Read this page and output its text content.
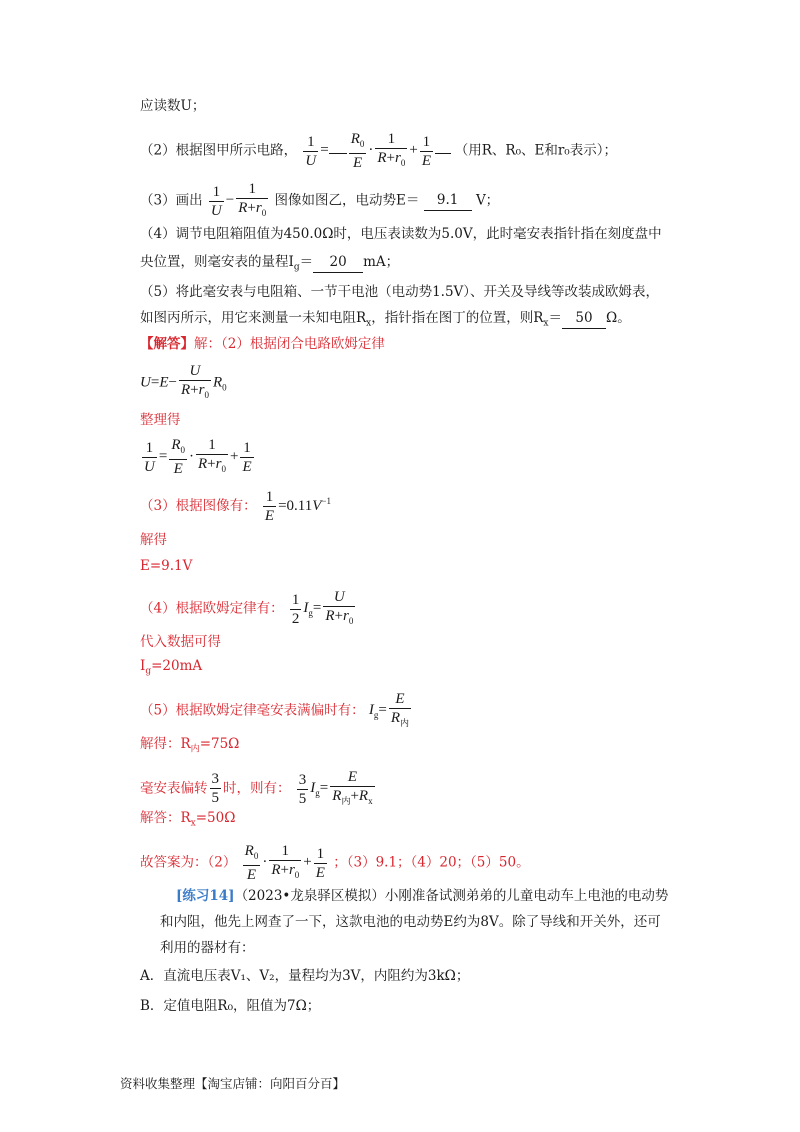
应读数U；
（2）根据图甲所示电路， $\frac{1}{U} = \frac{R_0}{E} \cdot \frac{1}{R+r_0} + \frac{1}{E}$ （用R、R₀、E和r₀表示）；
（3）画出 $\frac{1}{U} - \frac{1}{R+r_0}$ 图像如图乙，电动势E＝ 9.1 V；
（4）调节电阻箱阻值为450.0Ω时，电压表读数为5.0V，此时毫安表指针指在刻度盘中
央位置，则毫安表的量程$I_g= 20$ mA；
（5）将此毫安表与电阻箱、一节干电池（电动势1.5V）、开关及导线等改装成欧姆表，
如图丙所示，用它来测量一未知电阻$R_x$，指针指在图丁的位置，则$R_x= 50$ Ω。
【解答】解：（2）根据闭合电路欧姆定律
$U=E- \frac{U}{R+r_0} R_0$
整理得
$\frac{1}{U} = \frac{R_0}{E} \cdot \frac{1}{R+r_0} + \frac{1}{E}$
（3）根据图像有： $\frac{1}{E} =0.11V^{-1}$
解得
E=9.1V
（4）根据欧姆定律有： $\frac{1}{2} I_g= \frac{U}{R+r_0}$
代入数据可得
$I_g=20mA$
（5）根据欧姆定律毫安表满偏时有： $I_g= \frac{E}{R_内}$
解得：$R_内=75\Omega$
毫安表偏转 $\frac{3}{5}$ 时，则有： $\frac{3}{5} I_g= \frac{E}{R_内+R_x}$
解答：$R_x=50\Omega$
故答案为：$(2) \frac{R_0}{E} \cdot \frac{1}{R+r_0} + \frac{1}{E}$ ；（3）9.1；（4）20；（5）50。
[练习14]（2023•龙泉驿区模拟）小刚准备试测弟弟的儿童电动车上电池的电动势
和内阻，他先上网查了一下，这款电池的电动势E约为8V。除了导线和开关外，还可
利用的器材有：
A．直流电压表V₁、V₂，量程均为3V，内阻约为3kΩ；
B．定值电阻R₀，阻值为7Ω；
资料收集整理【淘宝店铺：向阳百分百】
